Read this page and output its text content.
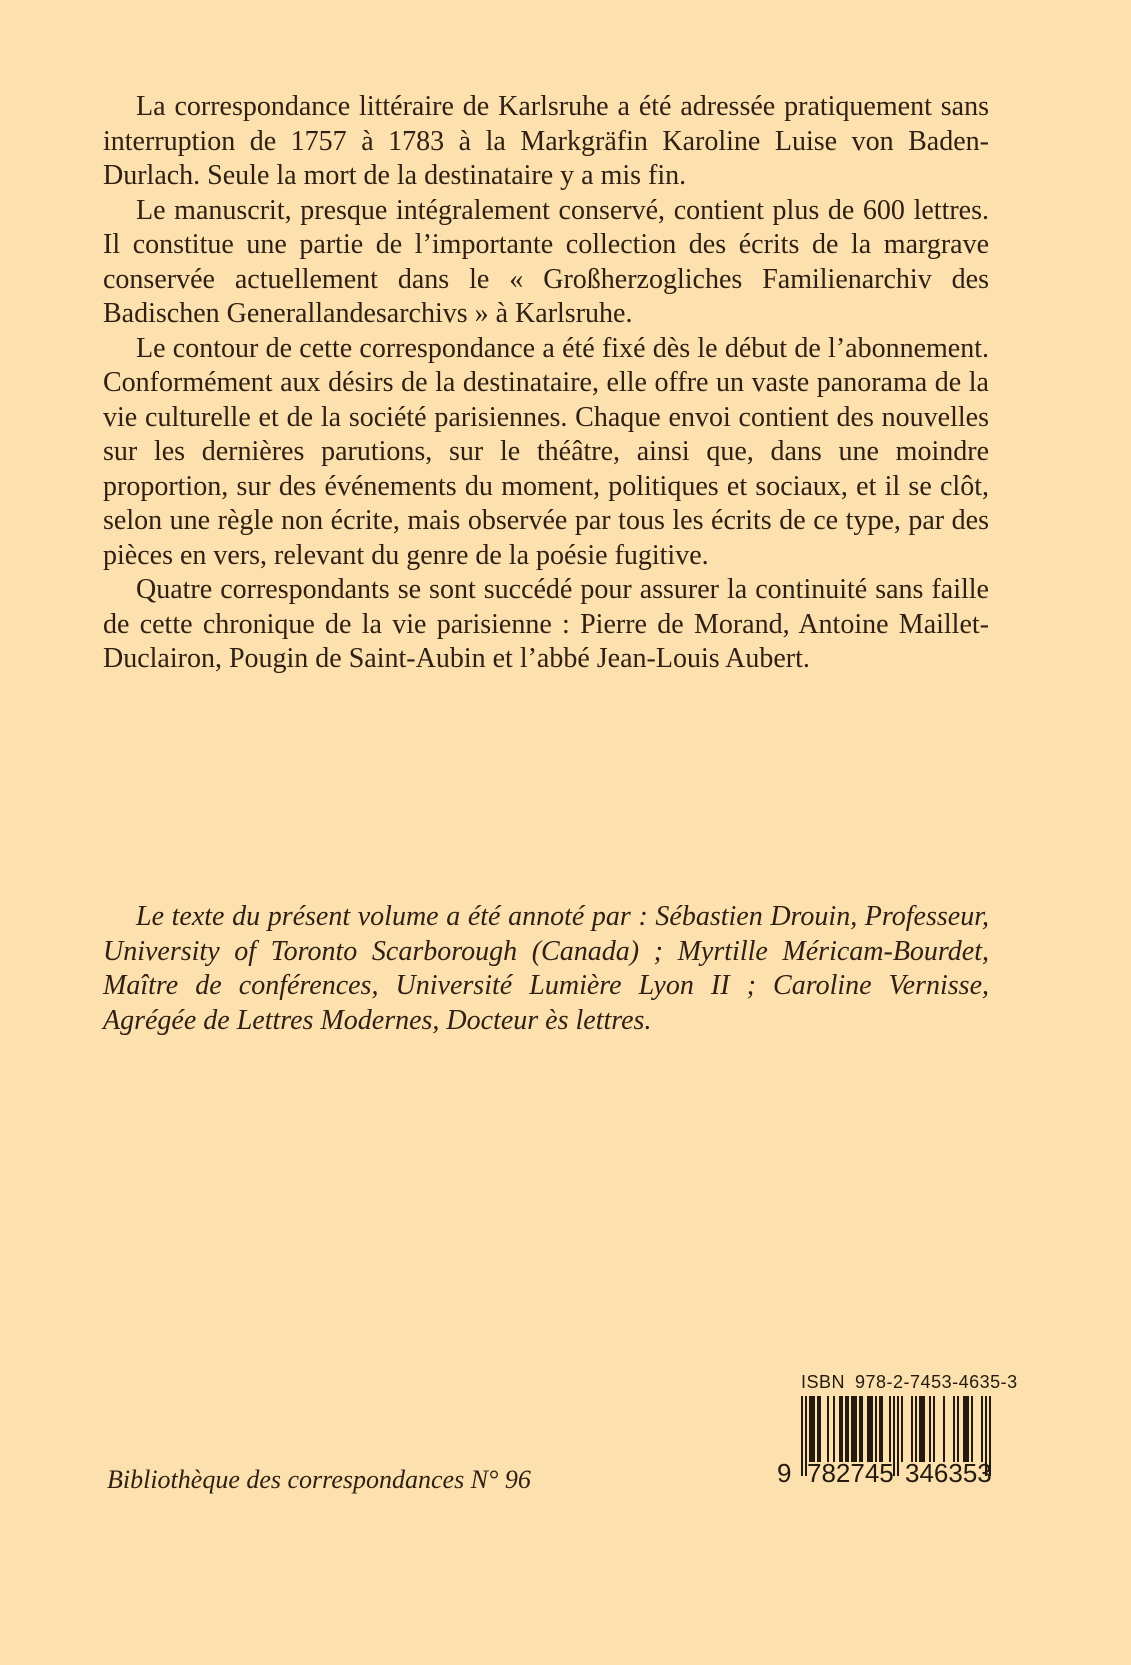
La correspondance littéraire de Karlsruhe a été adressée pratiquement sans interruption de 1757 à 1783 à la Markgräfin Karoline Luise von Baden-Durlach. Seule la mort de la destinataire y a mis fin.

Le manuscrit, presque intégralement conservé, contient plus de 600 lettres. Il constitue une partie de l’importante collection des écrits de la margrave conservée actuellement dans le « Großherzogliches Familienarchiv des Badischen Generallandesarchivs » à Karlsruhe.

Le contour de cette correspondance a été fixé dès le début de l’abonnement. Conformément aux désirs de la destinataire, elle offre un vaste panorama de la vie culturelle et de la société parisiennes. Chaque envoi contient des nouvelles sur les dernières parutions, sur le théâtre, ainsi que, dans une moindre proportion, sur des événements du moment, politiques et sociaux, et il se clôt, selon une règle non écrite, mais observée par tous les écrits de ce type, par des pièces en vers, relevant du genre de la poésie fugitive.

Quatre correspondants se sont succédé pour assurer la continuité sans faille de cette chronique de la vie parisienne : Pierre de Morand, Antoine Maillet-Duclairon, Pougin de Saint-Aubin et l’abbé Jean-Louis Aubert.

Le texte du présent volume a été annoté par : Sébastien Drouin, Professeur, University of Toronto Scarborough (Canada) ; Myrtille Méricam-Bourdet, Maître de conférences, Université Lumière Lyon II ; Caroline Vernisse, Agrégée de Lettres Modernes, Docteur ès lettres.

ISBN 978-2-7453-4635-3
9 782745 346353
Bibliothèque des correspondances N° 96
